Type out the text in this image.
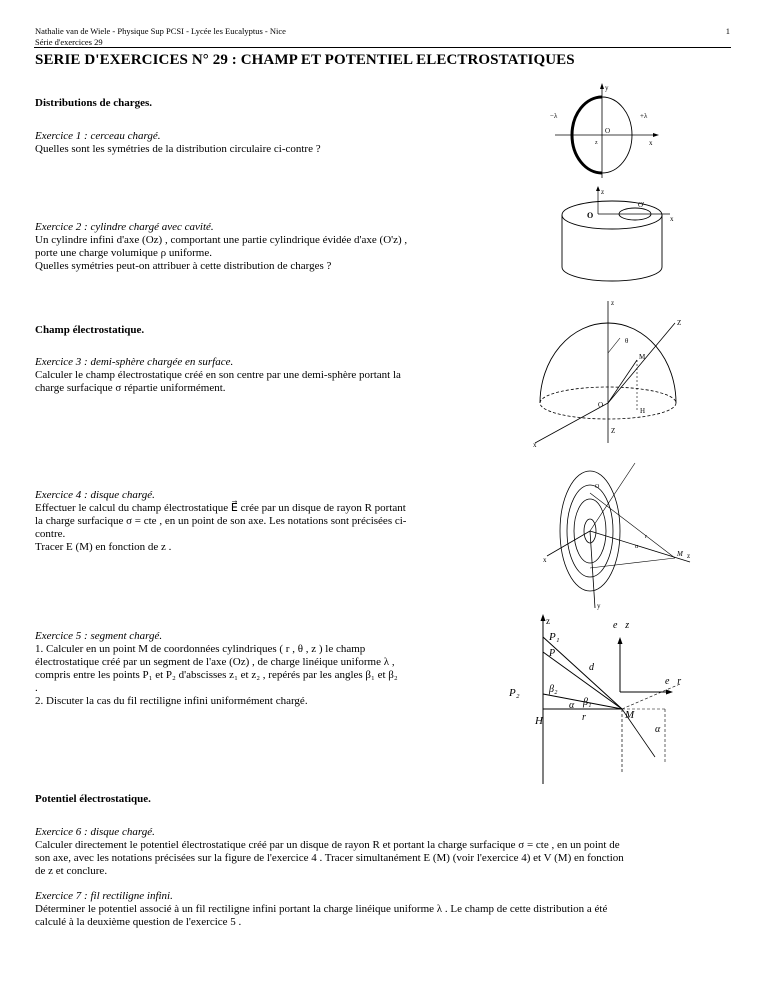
Nathalie van de Wiele - Physique Sup PCSI - Lycée les Eucalyptus - Nice
Série d'exercices 29
1
SERIE D'EXERCICES N° 29 : CHAMP ET POTENTIEL ELECTROSTATIQUES
Distributions de charges.

Exercice 1 : cerceau chargé.

Quelles sont les symétries de la distribution circulaire ci-contre ?

Exercice 2 : cylindre chargé avec cavité.

Un cylindre infini d'axe (Oz) , comportant une partie cylindrique évidée d'axe (O'z) ,

porte une charge volumique ρ uniforme.

Quelles symétries peut-on attribuer à cette distribution de charges ?

Champ électrostatique.

Exercice 3 : demi-sphère chargée en surface.

Calculer le champ électrostatique créé en son centre par une demi-sphère portant la

charge surfacique σ répartie uniformément.

Exercice 4 : disque chargé.

Effectuer le calcul du champ électrostatique E⃗ crée par un disque de rayon R portant

la charge surfacique σ = cte , en un point de son axe. Les notations sont précisées ci-

contre.

Tracer E (M) en fonction de z .

Exercice 5 : segment chargé.

1. Calculer en un point M de coordonnées cylindriques ( r , θ , z ) le champ

électrostatique créé par un segment de l'axe (Oz) , de charge linéique uniforme λ ,

compris entre les points P₁ et P₂ d'abscisses z₁ et z₂ , repérés par les angles β₁ et β₂

.

2. Discuter la cas du fil rectiligne infini uniformément chargé.

Potentiel électrostatique.

Exercice 6 : disque chargé.

Calculer directement le potentiel électrostatique créé par un disque de rayon R et portant la charge surfacique σ = cte , en un point de

son axe, avec les notations précisées sur la figure de l'exercice 4 . Tracer simultanément E (M) (voir l'exercice 4) et V (M) en fonction

de z et conclure.

Exercice 7 : fil rectiligne infini.

Déterminer le potentiel associé à un fil rectiligne infini portant la charge linéique uniforme λ . Le champ de cette distribution a été

calculé à la deuxième question de l'exercice 5 .

−λ	+λ
y
O
x
z
z
O
O'
x
z
θ
M
Z
O
H
x
Z
O
M z
x
y
r
α
z
P₁
P
d
P₂	β₂
α β₁
M
H	r
e⃗z
e⃗r
α
